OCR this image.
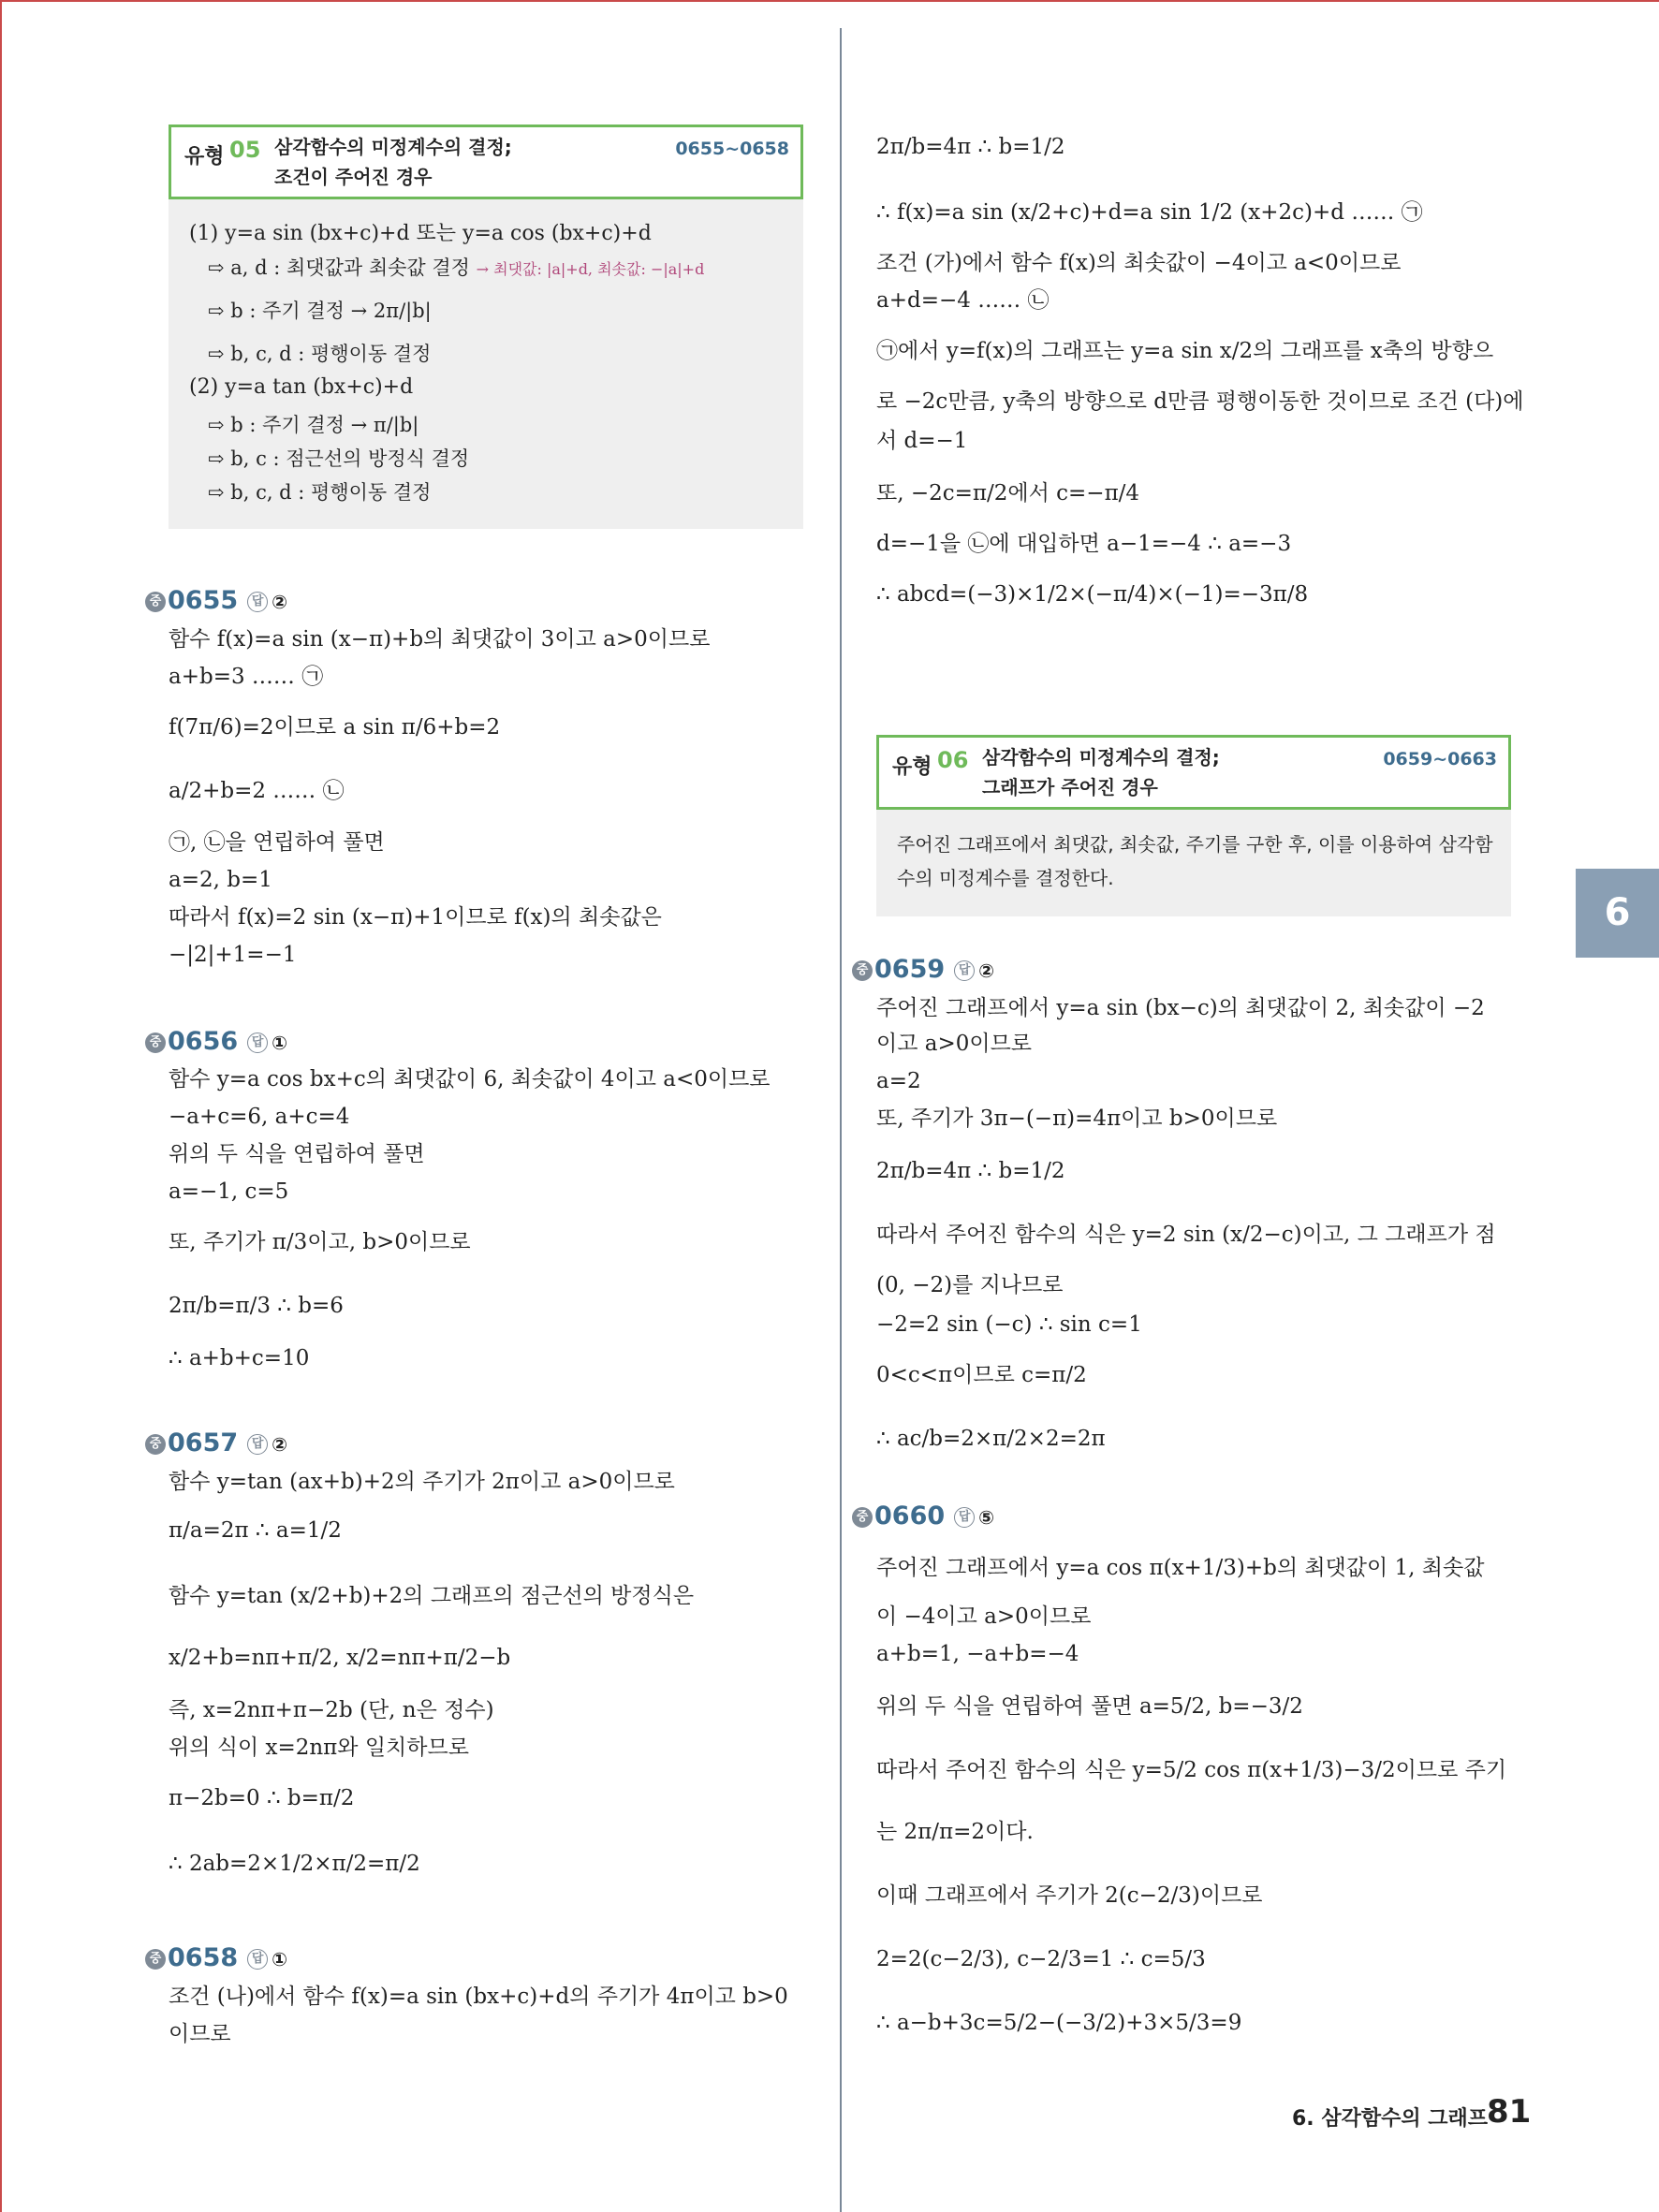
유형 05 삼각함수의 미정계수의 결정;
조건이 주어진 경우
0655~0658
(1) y=a sin (bx+c)+d 또는 y=a cos (bx+c)+d
⇨ a, d : 최댓값과 최솟값 결정 → 최댓값: |a|+d, 최솟값: −|a|+d
⇨ b : 주기 결정 → 2π/|b|
⇨ b, c, d : 평행이동 결정
(2) y=a tan (bx+c)+d
⇨ b : 주기 결정 → π/|b|
⇨ b, c : 점근선의 방정식 결정
⇨ b, c, d : 평행이동 결정
중 0655 답 ②
함수 f(x)=a sin (x−π)+b의 최댓값이 3이고 a>0이므로
a+b=3 …… ㉠
f(7π/6)=2이므로 a sin π/6+b=2
a/2+b=2 …… ㉡
㉠, ㉡을 연립하여 풀면
a=2, b=1
따라서 f(x)=2 sin (x−π)+1이므로 f(x)의 최솟값은
−|2|+1=−1
중 0656 답 ①
함수 y=a cos bx+c의 최댓값이 6, 최솟값이 4이고 a<0이므로
−a+c=6, a+c=4
위의 두 식을 연립하여 풀면
a=−1, c=5
또, 주기가 π/3이고, b>0이므로
2π/b=π/3 ∴ b=6
∴ a+b+c=10
중 0657 답 ②
함수 y=tan (ax+b)+2의 주기가 2π이고 a>0이므로
π/a=2π ∴ a=1/2
함수 y=tan (x/2+b)+2의 그래프의 점근선의 방정식은
x/2+b=nπ+π/2, x/2=nπ+π/2−b
즉, x=2nπ+π−2b (단, n은 정수)
위의 식이 x=2nπ와 일치하므로
π−2b=0 ∴ b=π/2
∴ 2ab=2×1/2×π/2=π/2
중 0658 답 ①
조건 (나)에서 함수 f(x)=a sin (bx+c)+d의 주기가 4π이고 b>0
이므로
2π/b=4π ∴ b=1/2
∴ f(x)=a sin (x/2+c)+d=a sin 1/2 (x+2c)+d …… ㉠
조건 (가)에서 함수 f(x)의 최솟값이 −4이고 a<0이므로
a+d=−4 …… ㉡
㉠에서 y=f(x)의 그래프는 y=a sin x/2의 그래프를 x축의 방향으
로 −2c만큼, y축의 방향으로 d만큼 평행이동한 것이므로 조건 (다)에
서 d=−1
또, −2c=π/2에서 c=−π/4
d=−1을 ㉡에 대입하면 a−1=−4 ∴ a=−3
∴ abcd=(−3)×1/2×(−π/4)×(−1)=−3π/8
유형 06 삼각함수의 미정계수의 결정;
그래프가 주어진 경우
0659~0663
주어진 그래프에서 최댓값, 최솟값, 주기를 구한 후, 이를 이용하여 삼각함
수의 미정계수를 결정한다.
중 0659 답 ②
주어진 그래프에서 y=a sin (bx−c)의 최댓값이 2, 최솟값이 −2
이고 a>0이므로
a=2
또, 주기가 3π−(−π)=4π이고 b>0이므로
2π/b=4π ∴ b=1/2
따라서 주어진 함수의 식은 y=2 sin (x/2−c)이고, 그 그래프가 점
(0, −2)를 지나므로
−2=2 sin (−c) ∴ sin c=1
0<c<π이므로 c=π/2
∴ ac/b=2×π/2×2=2π
중 0660 답 ⑤
주어진 그래프에서 y=a cos π(x+1/3)+b의 최댓값이 1, 최솟값
이 −4이고 a>0이므로
a+b=1, −a+b=−4
위의 두 식을 연립하여 풀면 a=5/2, b=−3/2
따라서 주어진 함수의 식은 y=5/2 cos π(x+1/3)−3/2이므로 주기
는 2π/π=2이다.
이때 그래프에서 주기가 2(c−2/3)이므로
2=2(c−2/3), c−2/3=1 ∴ c=5/3
∴ a−b+3c=5/2−(−3/2)+3×5/3=9
6
6. 삼각함수의 그래프 81
